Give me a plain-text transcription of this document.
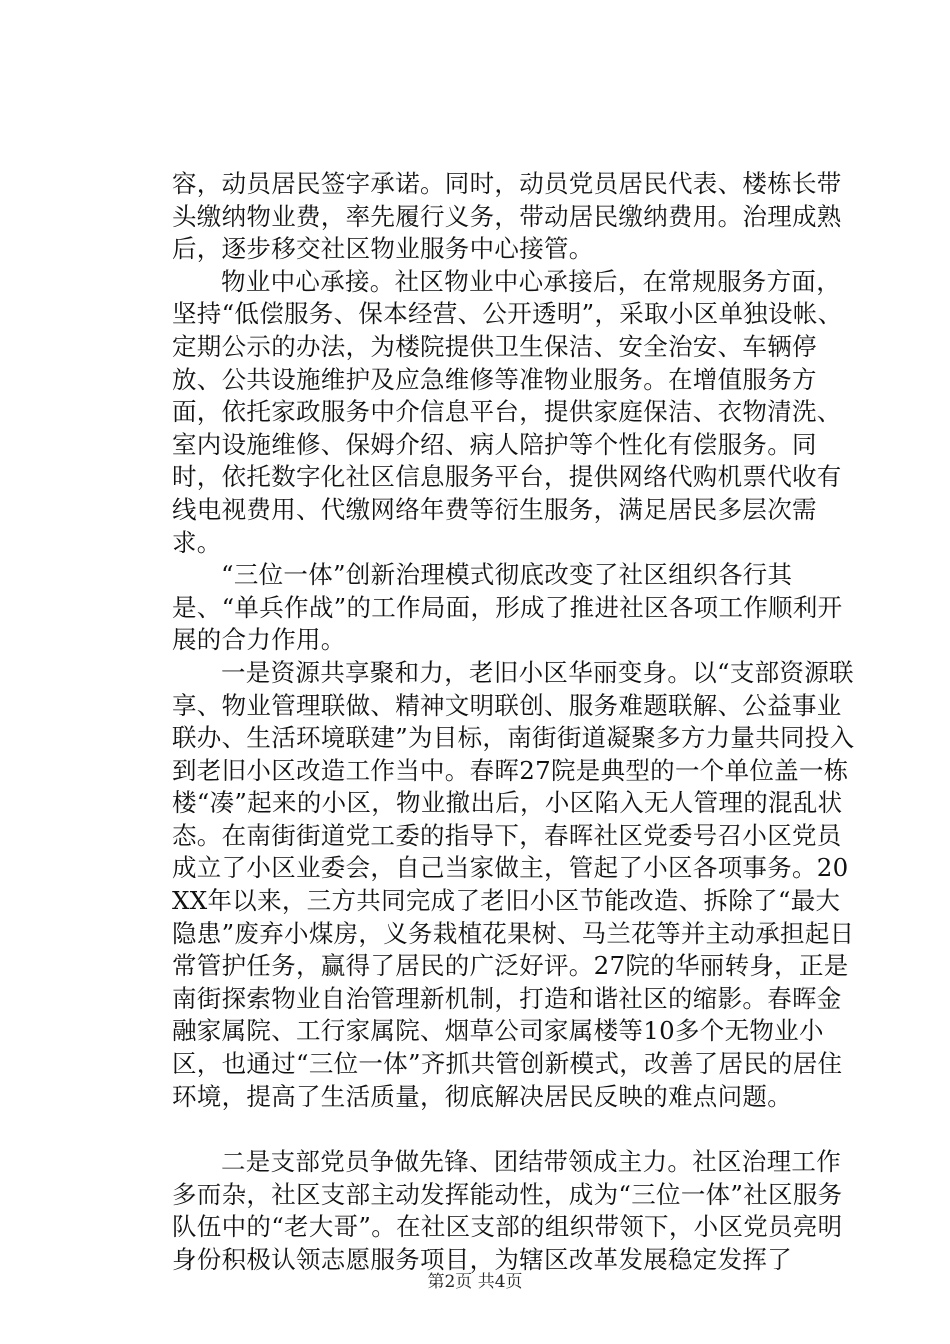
容，动员居民签字承诺。同时，动员党员居民代表、楼栋长带头缴纳物业费，率先履行义务，带动居民缴纳费用。治理成熟后，逐步移交社区物业服务中心接管。

物业中心承接。社区物业中心承接后，在常规服务方面，坚持“低偿服务、保本经营、公开透明”，采取小区单独设帐、定期公示的办法，为楼院提供卫生保洁、安全治安、车辆停放、公共设施维护及应急维修等准物业服务。在增值服务方面，依托家政服务中介信息平台，提供家庭保洁、衣物清洗、室内设施维修、保姆介绍、病人陪护等个性化有偿服务。同时，依托数字化社区信息服务平台，提供网络代购机票代收有线电视费用、代缴网络年费等衍生服务，满足居民多层次需求。

“三位一体”创新治理模式彻底改变了社区组织各行其是、“单兵作战”的工作局面，形成了推进社区各项工作顺利开展的合力作用。

一是资源共享聚和力，老旧小区华丽变身。以“支部资源联享、物业管理联做、精神文明联创、服务难题联解、公益事业联办、生活环境联建”为目标，南街街道凝聚多方力量共同投入到老旧小区改造工作当中。春晖27院是典型的一个单位盖一栋楼“凑”起来的小区，物业撤出后，小区陷入无人管理的混乱状态。在南街街道党工委的指导下，春晖社区党委号召小区党员成立了小区业委会，自己当家做主，管起了小区各项事务。20XX年以来，三方共同完成了老旧小区节能改造、拆除了“最大隐患”废弃小煤房，义务栽植花果树、马兰花等并主动承担起日常管护任务，赢得了居民的广泛好评。27院的华丽转身，正是南街探索物业自治管理新机制，打造和谐社区的缩影。春晖金融家属院、工行家属院、烟草公司家属楼等10多个无物业小区，也通过“三位一体”齐抓共管创新模式，改善了居民的居住环境，提高了生活质量，彻底解决居民反映的难点问题。

二是支部党员争做先锋、团结带领成主力。社区治理工作多而杂，社区支部主动发挥能动性，成为“三位一体”社区服务队伍中的“老大哥”。在社区支部的组织带领下，小区党员亮明身份积极认领志愿服务项目，为辖区改革发展稳定发挥了

第2页 共4页
